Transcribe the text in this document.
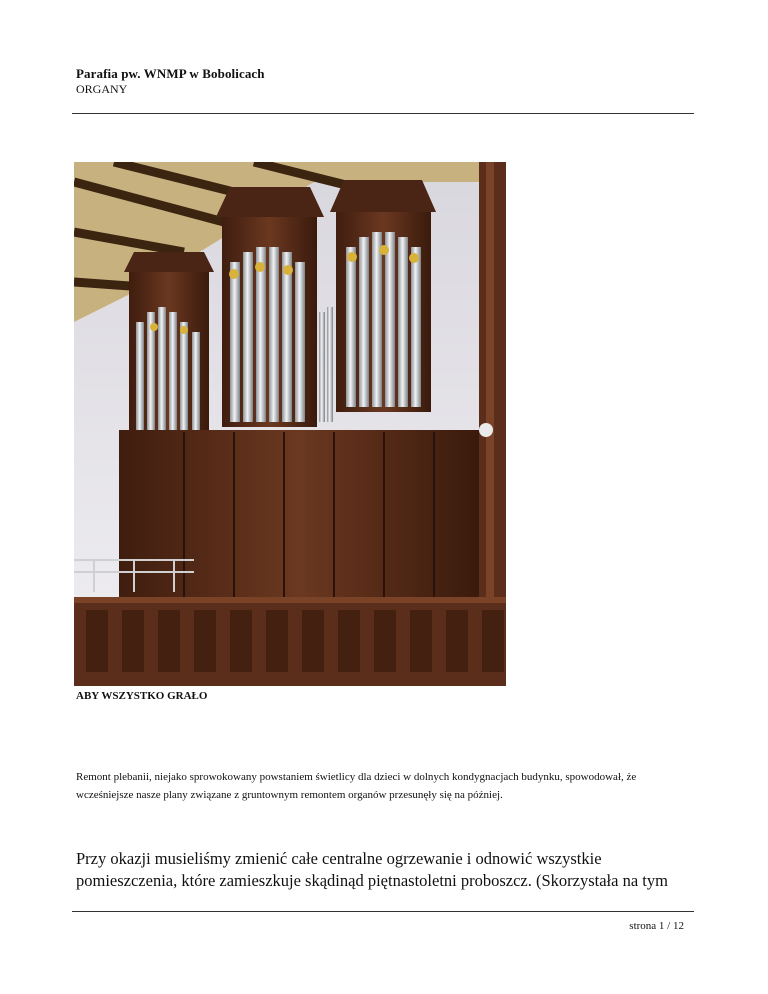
Parafia pw. WNMP w Bobolicach
ORGANY
ABY WSZYSTKO GRAŁO
Remont plebanii, niejako sprowokowany powstaniem świetlicy dla dzieci w dolnych kondygnacjach budynku, spowodował, że wcześniejsze nasze plany związane z gruntownym remontem organów przesunęły się na później.
Przy okazji musieliśmy zmienić całe centralne ogrzewanie i odnowić wszystkie pomieszczenia, które zamieszkuje skądinąd piętnastoletni proboszcz. (Skorzystała na tym
strona 1 / 12
